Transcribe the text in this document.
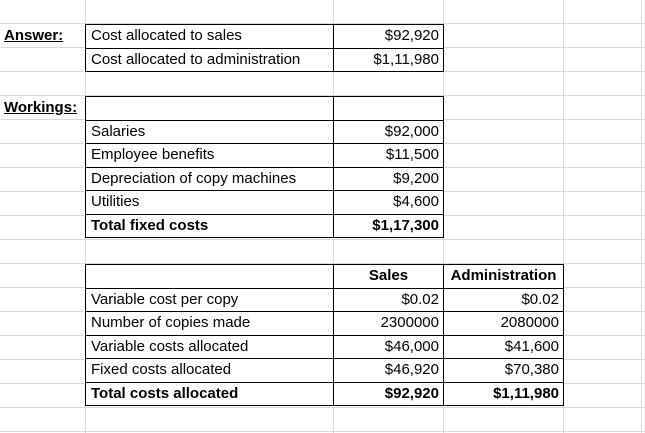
Answer:
Workings:
Cost allocated to sales	$92,920
Cost allocated to administration	$1,11,980

Salaries	$92,000
Employee benefits	$11,500
Depreciation of copy machines	$9,200
Utilities	$4,600
Total fixed costs	$1,17,300
	Sales	Administration
Variable cost per copy	$0.02	$0.02
Number of copies made	2300000	2080000
Variable costs allocated	$46,000	$41,600
Fixed costs allocated	$46,920	$70,380
Total costs allocated	$92,920	$1,11,980
